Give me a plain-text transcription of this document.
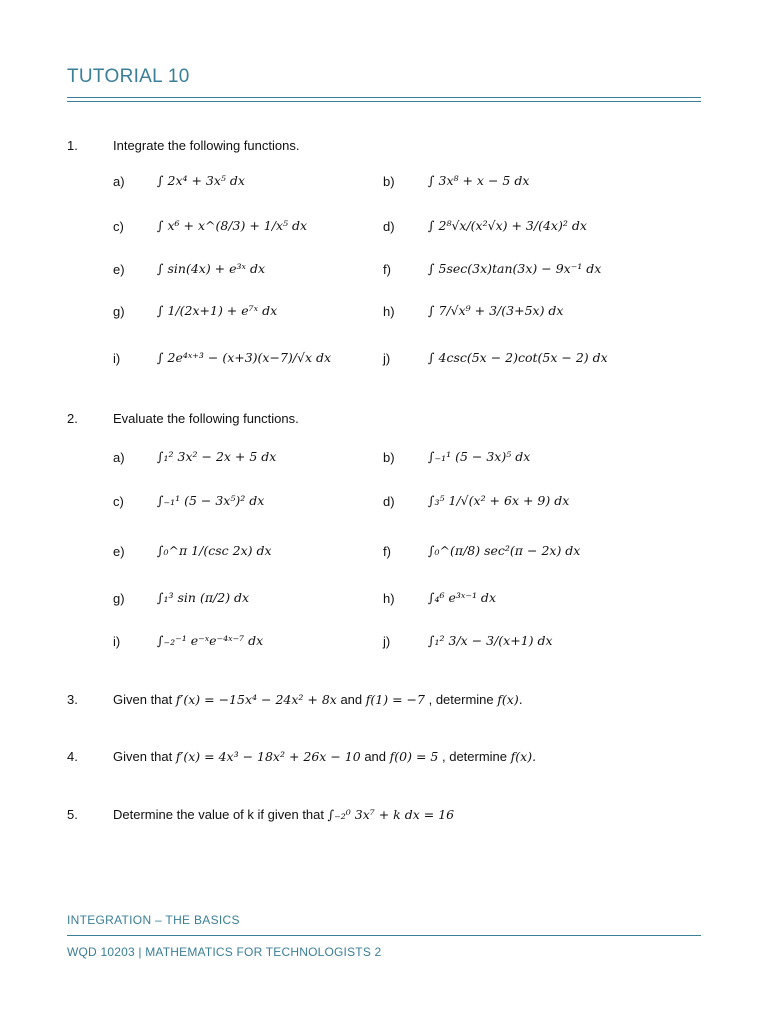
TUTORIAL 10
1.	Integrate the following functions.
a)	∫ 2x⁴ + 3x⁵ dx	b)	∫ 3x⁸ + x − 5 dx
c)	∫ x⁶ + x^(8/3) + 1/x⁵ dx	d)	∫ 2⁸√x/(x²√x) + 3/(4x)² dx
e)	∫ sin(4x) + e³ˣ dx	f)	∫ 5sec(3x)tan(3x) − 9x⁻¹ dx
g)	∫ 1/(2x+1) + e⁷ˣ dx	h)	∫ 7/√x⁹ + 3/(3+5x) dx
i)	∫ 2e⁴ˣ⁺³ − (x+3)(x−7)/√x dx	j)	∫ 4csc(5x − 2)cot(5x − 2) dx
2.	Evaluate the following functions.
a)	∫₁² 3x² − 2x + 5 dx	b)	∫₋₁¹ (5 − 3x)⁵ dx
c)	∫₋₁¹ (5 − 3x⁵)² dx	d)	∫₃⁵ 1/√(x² + 6x + 9) dx
e)	∫₀^π 1/(csc 2x) dx	f)	∫₀^(π/8) sec²(π − 2x) dx
g)	∫₁³ sin (π/2) dx	h)	∫₄⁶ e³ˣ⁻¹ dx
i)	∫₋₂⁻¹ e⁻ˣe⁻⁴ˣ⁻⁷ dx	j)	∫₁² 3/x − 3/(x+1) dx
3.	Given that f′(x) = −15x⁴ − 24x² + 8x and f(1) = −7 , determine f(x).
4.	Given that f′(x) = 4x³ − 18x² + 26x − 10 and f(0) = 5 , determine f(x).
5.	Determine the value of k if given that ∫₋₂⁰ 3x⁷ + k dx = 16
INTEGRATION – THE BASICS
WQD 10203 | MATHEMATICS FOR TECHNOLOGISTS 2
